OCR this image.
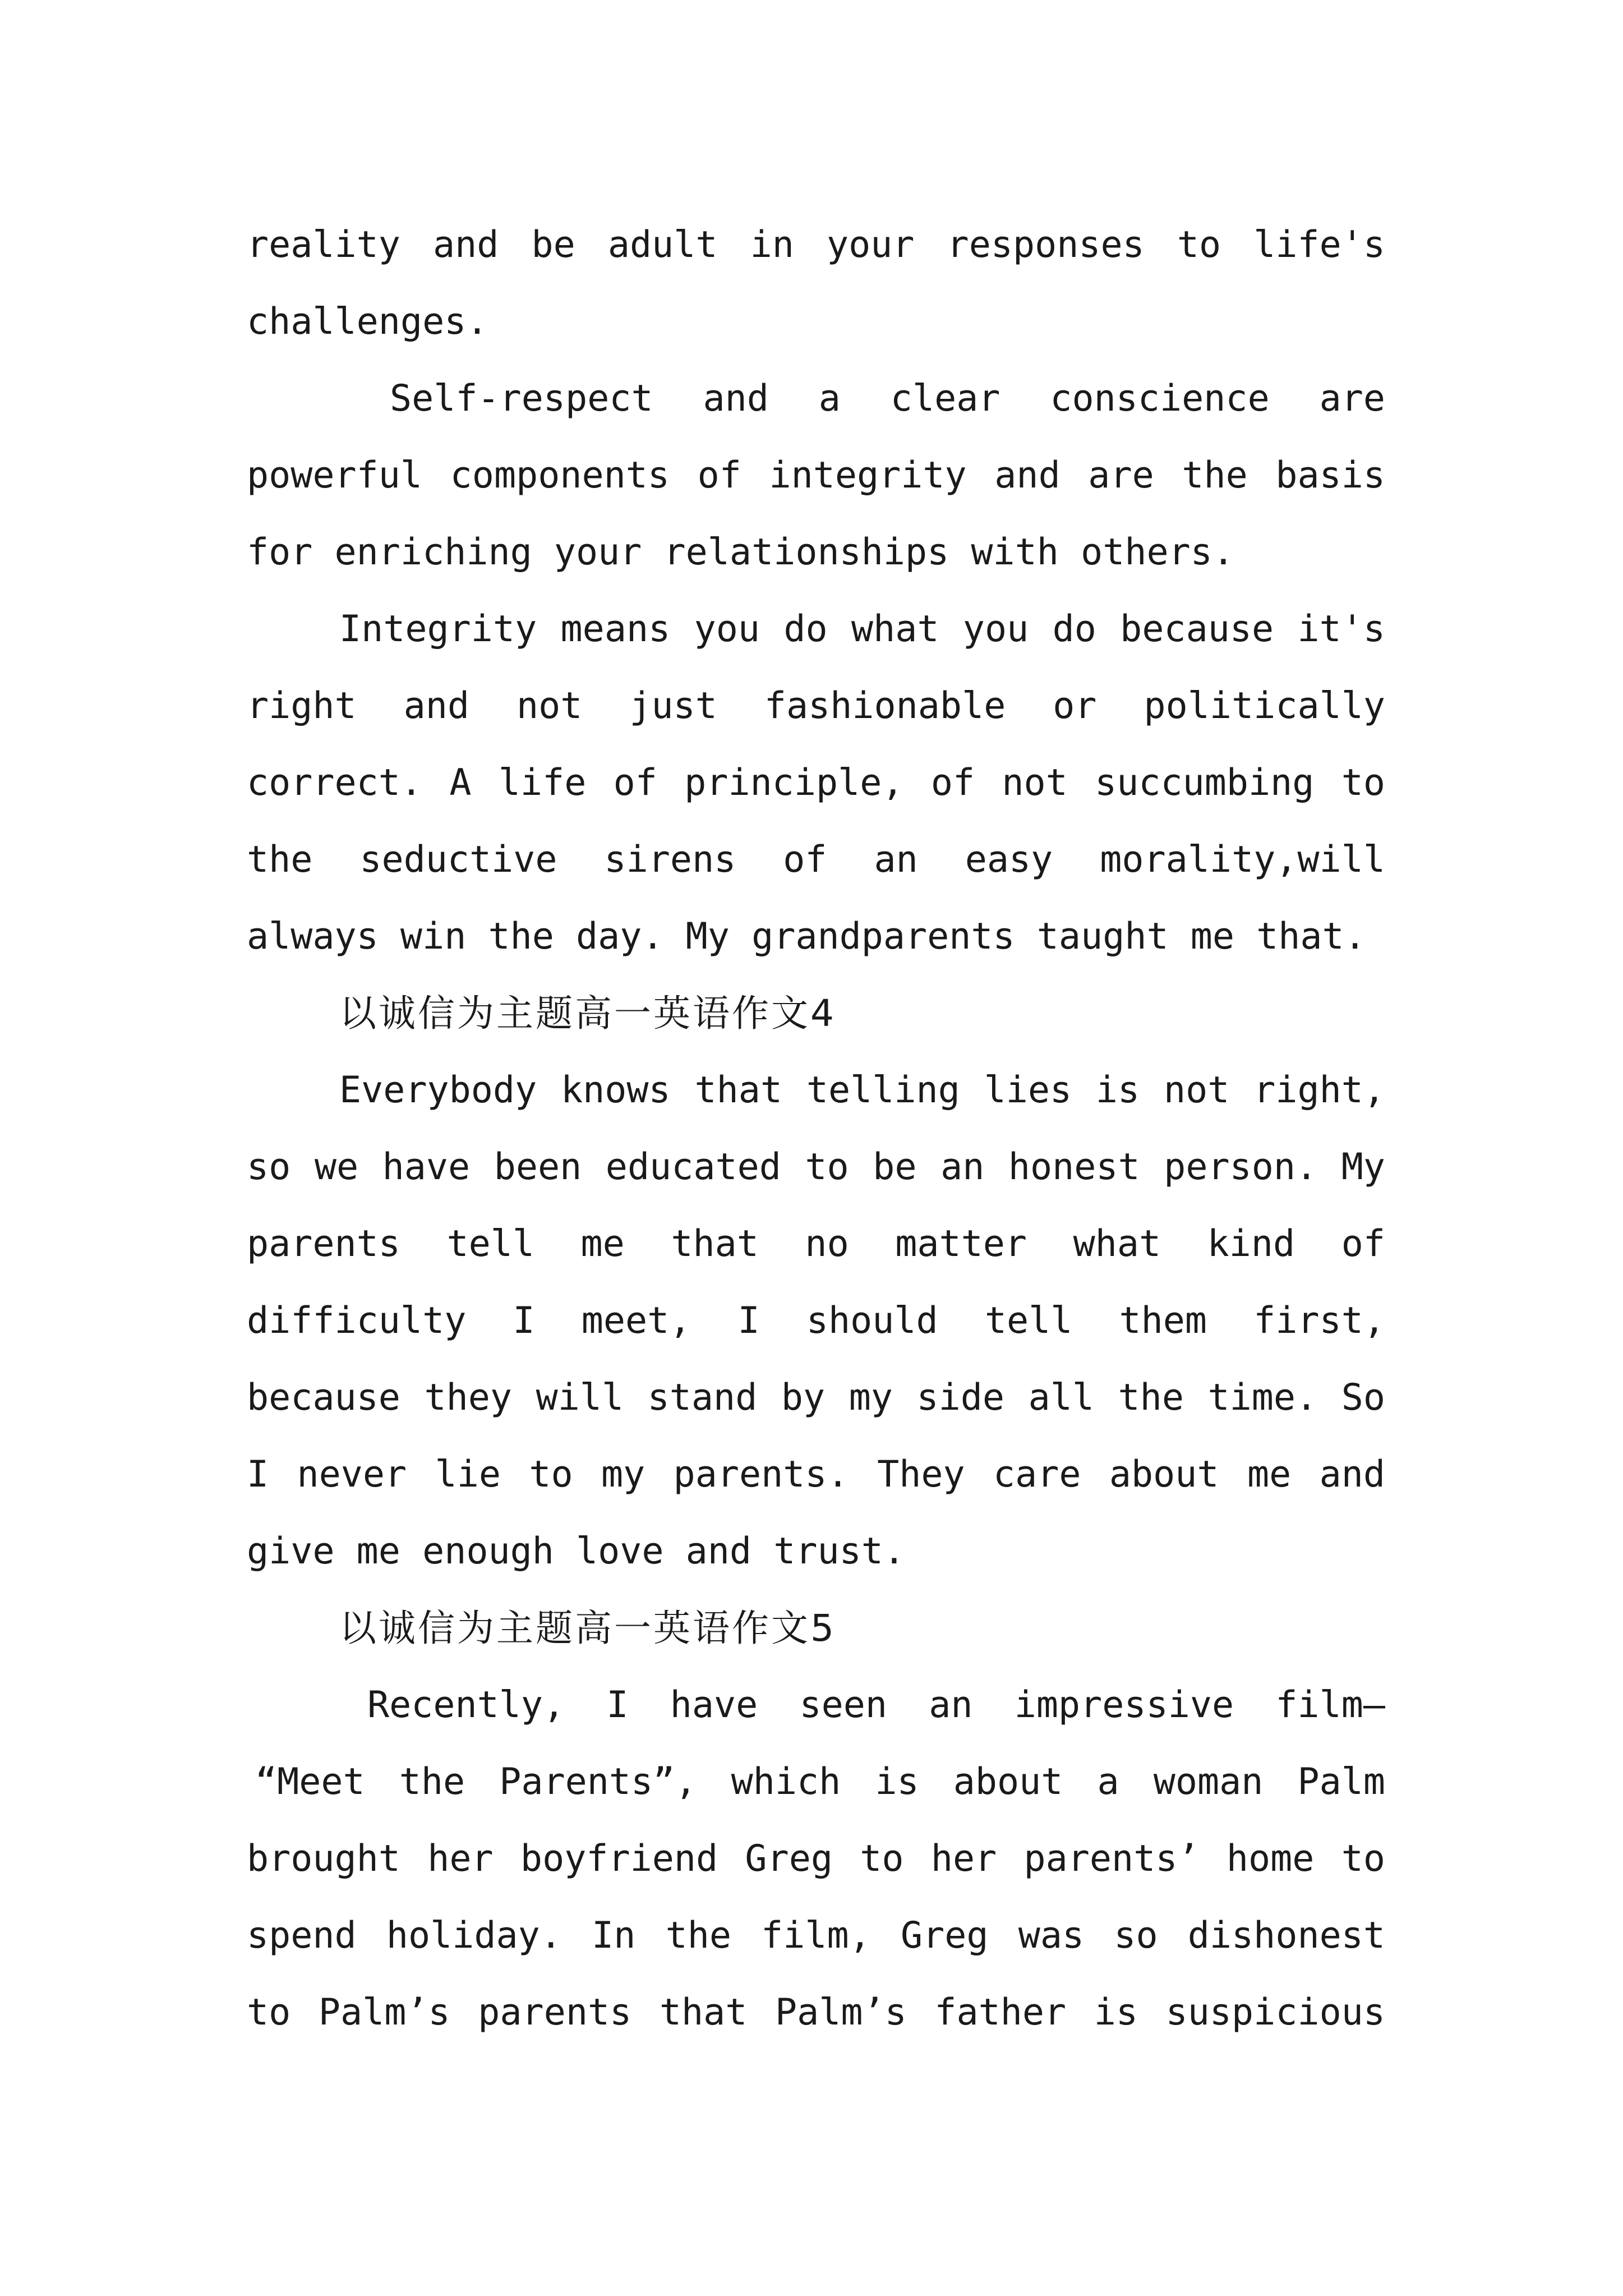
reality and be adult in your responses to life's
challenges.
Self-respect and a clear conscience are
powerful components of integrity and are the basis
for enriching your relationships with others.
Integrity means you do what you do because it's
right and not just fashionable or politically
correct. A life of principle, of not succumbing to
the seductive sirens of an easy morality,will
always win the day. My grandparents taught me that.
以诚信为主题高一英语作文4
Everybody knows that telling lies is not right,
so we have been educated to be an honest person. My
parents tell me that no matter what kind of
difficulty I meet, I should tell them first,
because they will stand by my side all the time. So
I never lie to my parents. They care about me and
give me enough love and trust.
以诚信为主题高一英语作文5
Recently, I have seen an impressive film—
“Meet the Parents”, which is about a woman Palm
brought her boyfriend Greg to her parents’ home to
spend holiday. In the film, Greg was so dishonest
to Palm’s parents that Palm’s father is suspicious
